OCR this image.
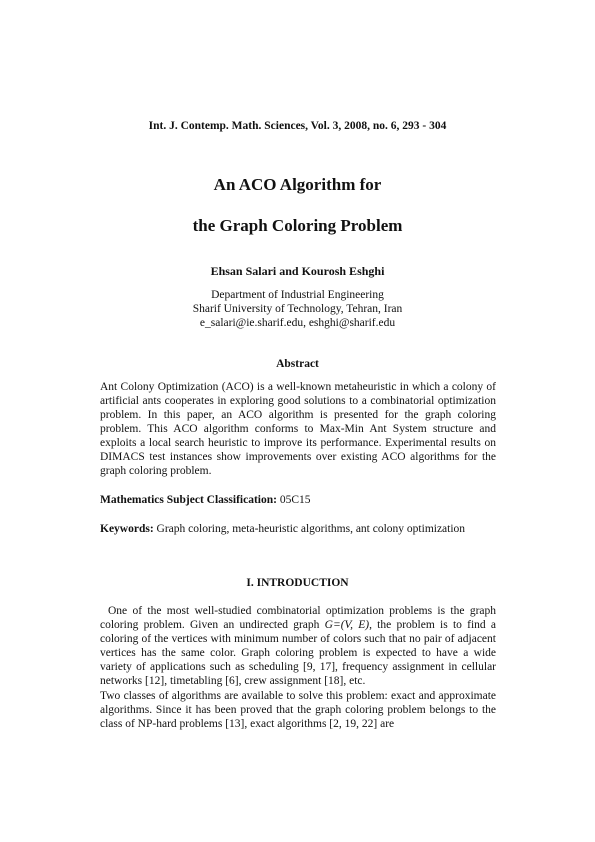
Int. J. Contemp. Math. Sciences, Vol. 3, 2008, no. 6, 293 - 304
An ACO Algorithm for
the Graph Coloring Problem
Ehsan Salari and Kourosh Eshghi
Department of Industrial Engineering
Sharif University of Technology, Tehran, Iran
e_salari@ie.sharif.edu, eshghi@sharif.edu
Abstract
Ant Colony Optimization (ACO) is a well-known metaheuristic in which a colony of artificial ants cooperates in exploring good solutions to a combinatorial optimization problem. In this paper, an ACO algorithm is presented for the graph coloring problem. This ACO algorithm conforms to Max-Min Ant System structure and exploits a local search heuristic to improve its performance. Experimental results on DIMACS test instances show improvements over existing ACO algorithms for the graph coloring problem.
Mathematics Subject Classification: 05C15
Keywords: Graph coloring, meta-heuristic algorithms, ant colony optimization
I. INTRODUCTION

One of the most well-studied combinatorial optimization problems is the graph coloring problem. Given an undirected graph G=(V, E), the problem is to find a coloring of the vertices with minimum number of colors such that no pair of adjacent vertices has the same color. Graph coloring problem is expected to have a wide variety of applications such as scheduling [9, 17], frequency assignment in cellular networks [12], timetabling [6], crew assignment [18], etc.

Two classes of algorithms are available to solve this problem: exact and approximate algorithms. Since it has been proved that the graph coloring problem belongs to the class of NP-hard problems [13], exact algorithms [2, 19, 22] are
